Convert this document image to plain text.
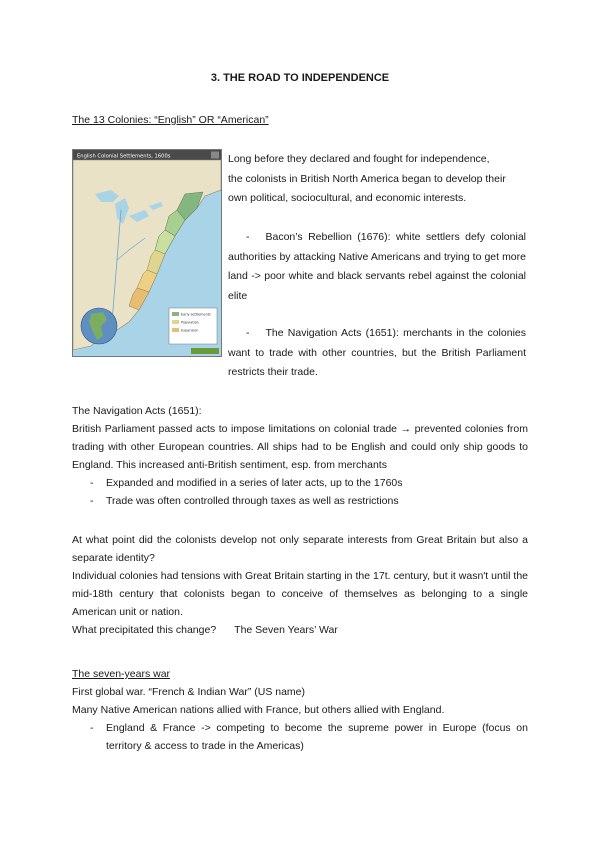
3. THE ROAD TO INDEPENDENCE
The 13 Colonies: “English” OR “American”
English Colonial Settlements, 1600s
Early settlements
Population
Expansion

Long before they declared and fought for independence,

the colonists in British North America began to develop their

own political, sociocultural, and economic interests.

- Bacon’s Rebellion (1676): white settlers defy colonial authorities by attacking Native Americans and trying to get more land -> poor white and black servants rebel against the colonial elite
- The Navigation Acts (1651): merchants in the colonies want to trade with other countries, but the British Parliament restricts their trade.

The Navigation Acts (1651):

British Parliament passed acts to impose limitations on colonial trade → prevented colonies from trading with other European countries. All ships had to be English and could only ship goods to England. This increased anti-British sentiment, esp. from merchants

- Expanded and modified in a series of later acts, up to the 1760s
- Trade was often controlled through taxes as well as restrictions

At what point did the colonists develop not only separate interests from Great Britain but also a separate identity?

Individual colonies had tensions with Great Britain starting in the 17t. century, but it wasn't until the mid-18th century that colonists began to conceive of themselves as belonging to a single American unit or nation.

What precipitated this change? The Seven Years’ War

The seven-years war

First global war. “French & Indian War” (US name)

Many Native American nations allied with France, but others allied with England.

- England & France -> competing to become the supreme power in Europe (focus on territory & access to trade in the Americas)
